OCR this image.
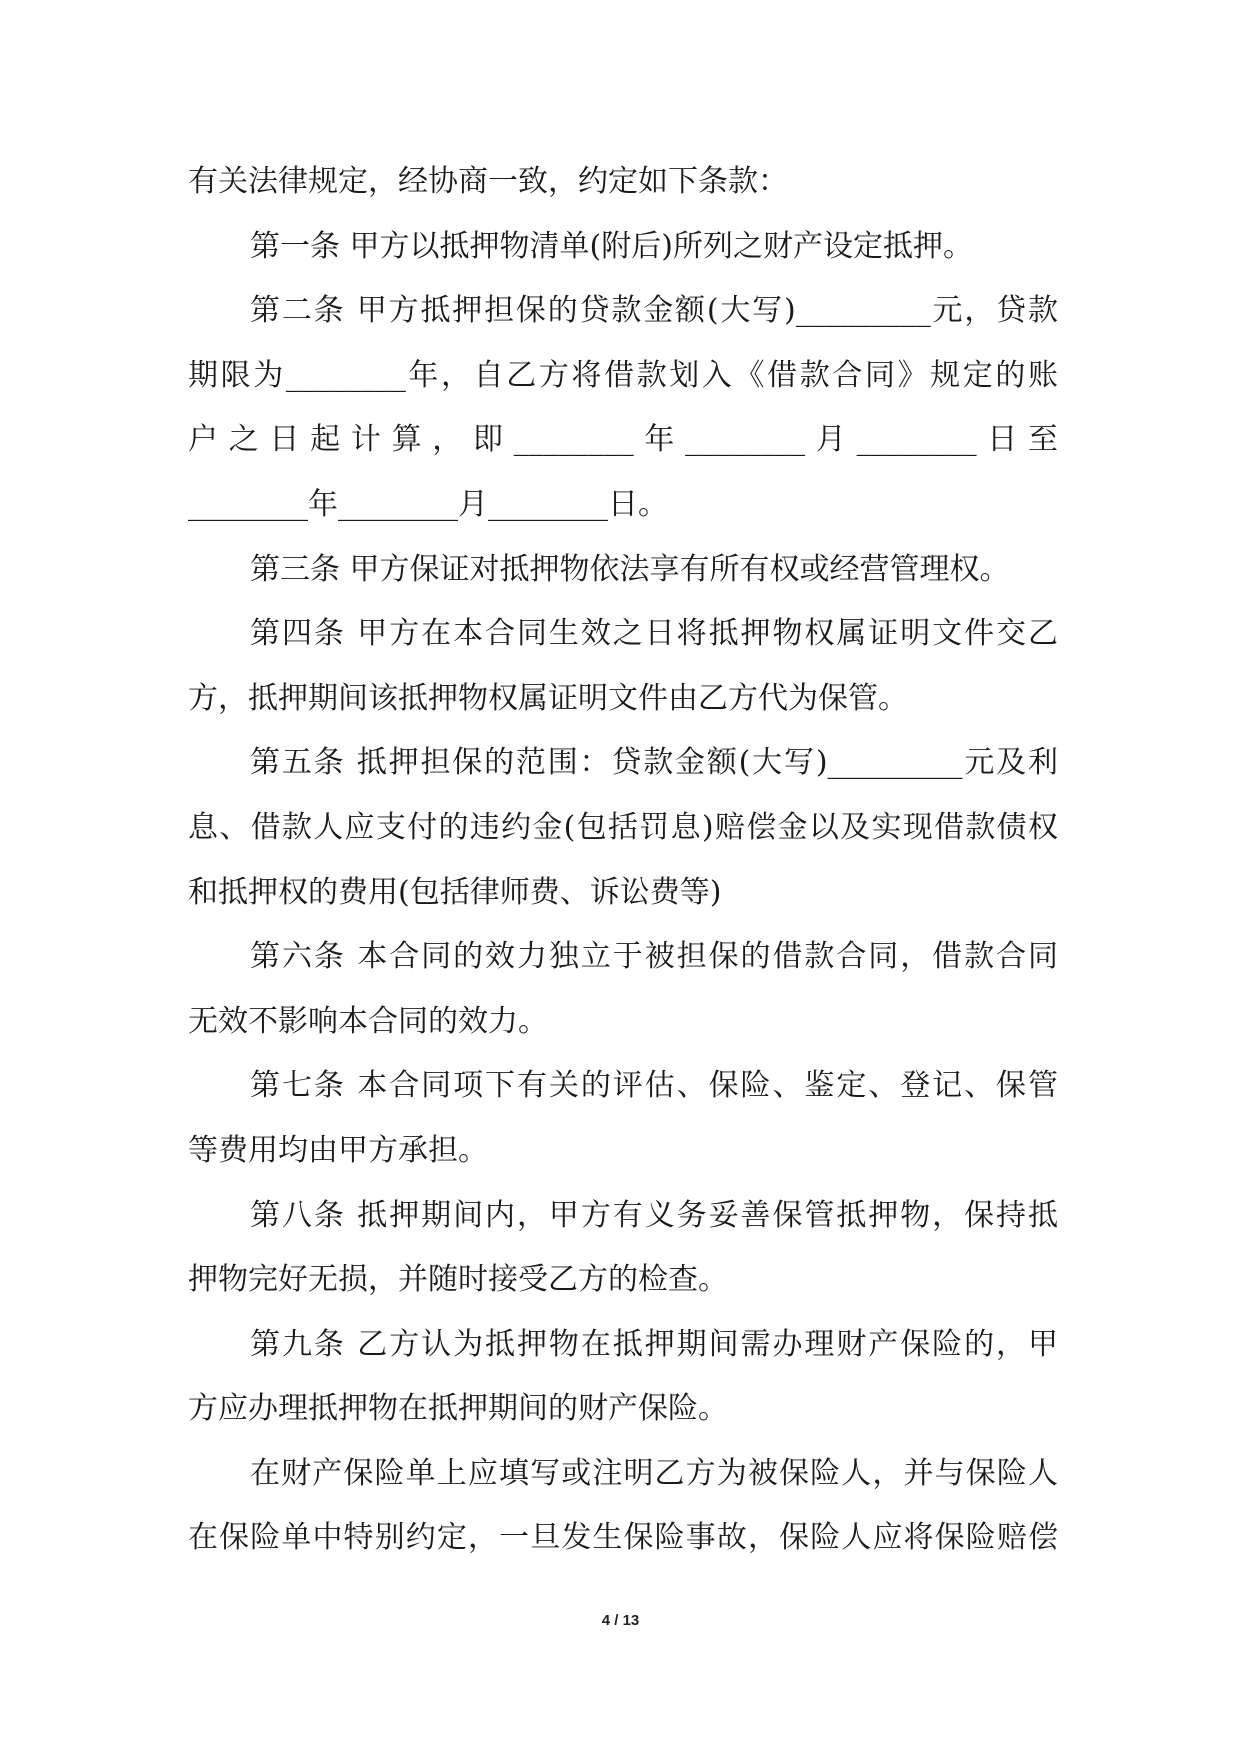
有关法律规定，经协商一致，约定如下条款：
第一条 甲方以抵押物清单(附后)所列之财产设定抵押。
第二条 甲方抵押担保的贷款金额(大写)_________元，贷款
期限为________年，自乙方将借款划入《借款合同》规定的账
户之日起计算，即________年________月________日至
________年________月________日。
第三条 甲方保证对抵押物依法享有所有权或经营管理权。
第四条 甲方在本合同生效之日将抵押物权属证明文件交乙
方，抵押期间该抵押物权属证明文件由乙方代为保管。
第五条 抵押担保的范围：贷款金额(大写)_________元及利
息、借款人应支付的违约金(包括罚息)赔偿金以及实现借款债权
和抵押权的费用(包括律师费、诉讼费等)
第六条 本合同的效力独立于被担保的借款合同，借款合同
无效不影响本合同的效力。
第七条 本合同项下有关的评估、保险、鉴定、登记、保管
等费用均由甲方承担。
第八条 抵押期间内，甲方有义务妥善保管抵押物，保持抵
押物完好无损，并随时接受乙方的检查。
第九条 乙方认为抵押物在抵押期间需办理财产保险的，甲
方应办理抵押物在抵押期间的财产保险。
在财产保险单上应填写或注明乙方为被保险人，并与保险人
在保险单中特别约定，一旦发生保险事故，保险人应将保险赔偿
4 / 13
